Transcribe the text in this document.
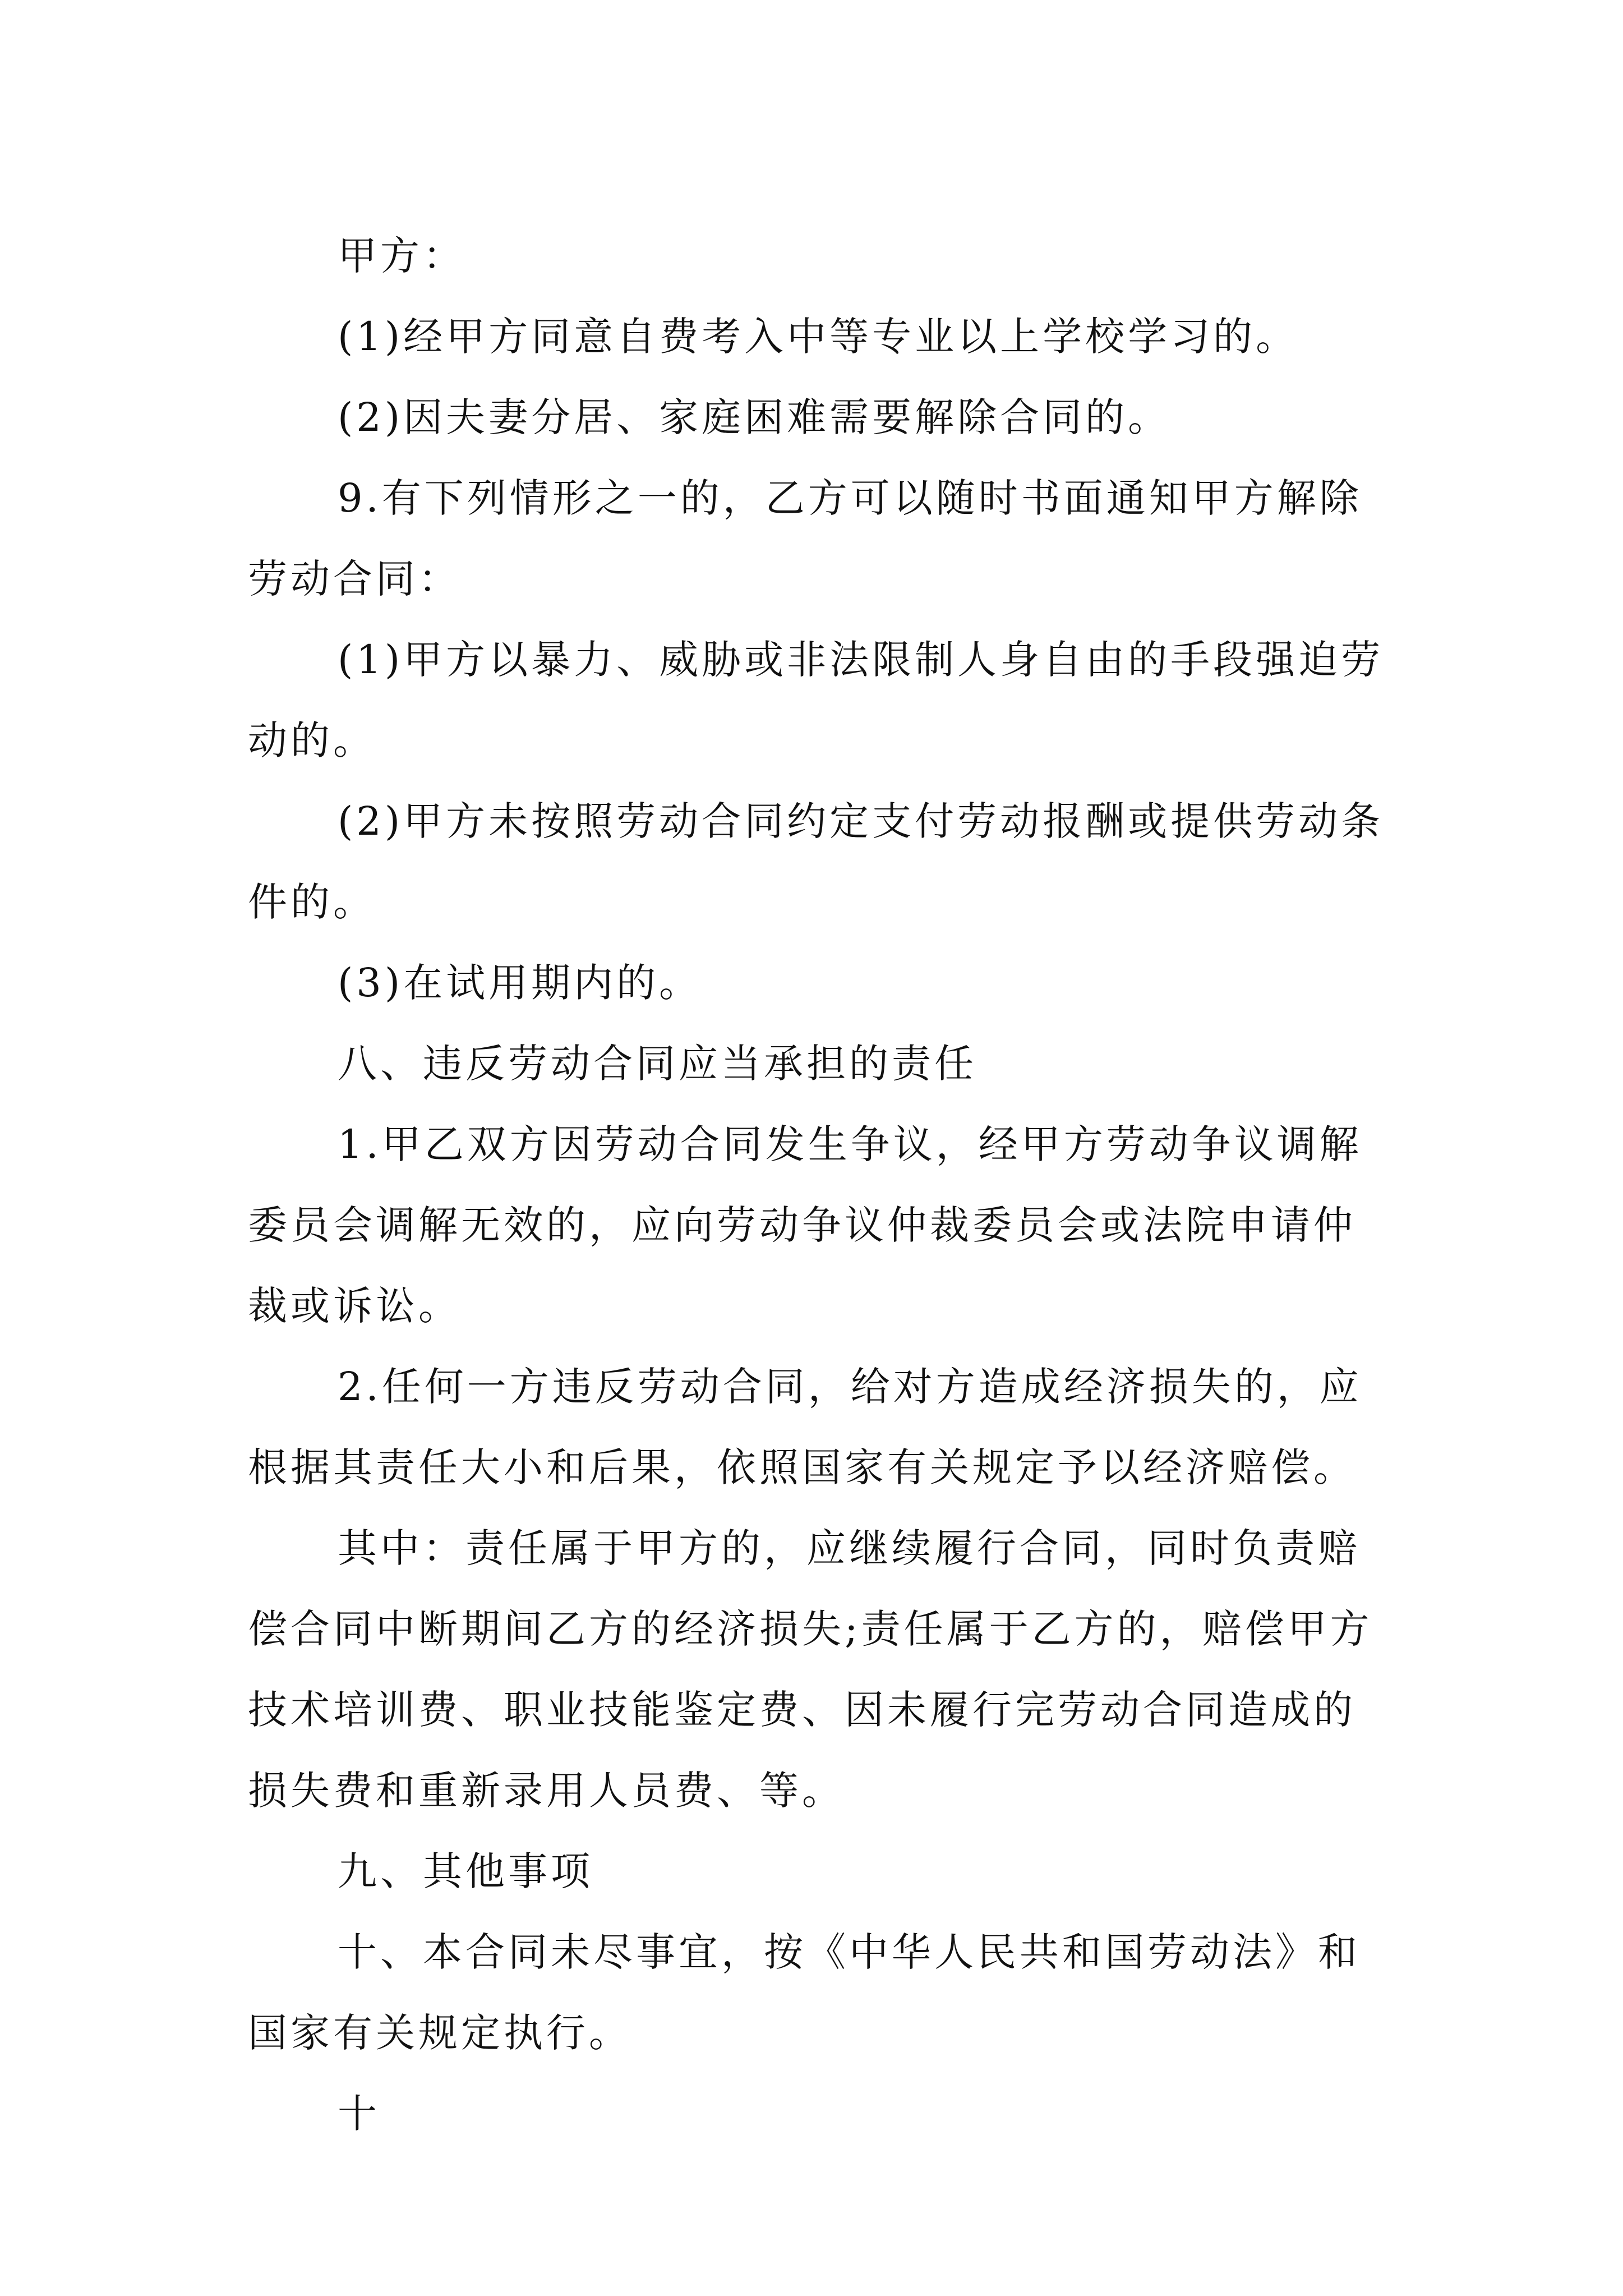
甲方：

(1)经甲方同意自费考入中等专业以上学校学习的。

(2)因夫妻分居、家庭困难需要解除合同的。

9.有下列情形之一的，乙方可以随时书面通知甲方解除劳动合同：

(1)甲方以暴力、威胁或非法限制人身自由的手段强迫劳动的。

(2)甲方未按照劳动合同约定支付劳动报酬或提供劳动条件的。

(3)在试用期内的。

八、违反劳动合同应当承担的责任

1.甲乙双方因劳动合同发生争议，经甲方劳动争议调解委员会调解无效的，应向劳动争议仲裁委员会或法院申请仲裁或诉讼。

2.任何一方违反劳动合同，给对方造成经济损失的，应根据其责任大小和后果，依照国家有关规定予以经济赔偿。

其中：责任属于甲方的，应继续履行合同，同时负责赔偿合同中断期间乙方的经济损失;责任属于乙方的，赔偿甲方技术培训费、职业技能鉴定费、因未履行完劳动合同造成的损失费和重新录用人员费、等。

九、其他事项

十、本合同未尽事宜，按《中华人民共和国劳动法》和国家有关规定执行。

十
